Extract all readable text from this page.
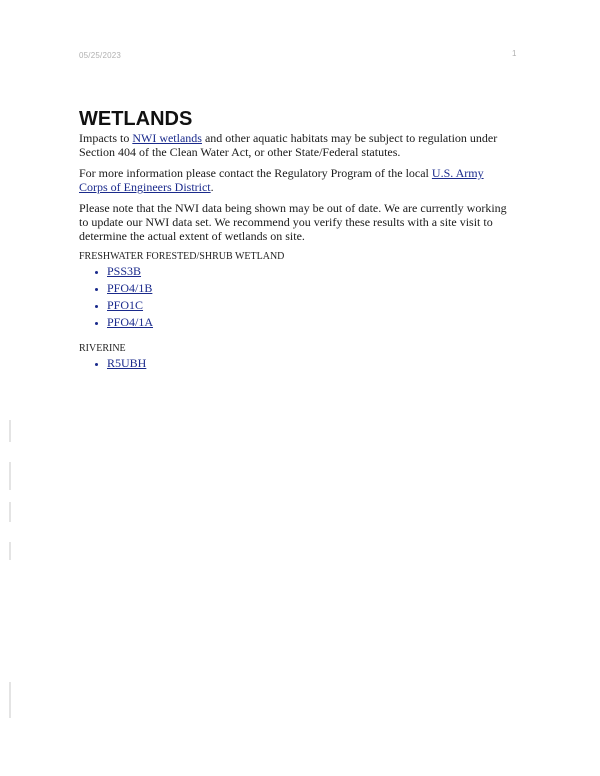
05/25/2023	1
WETLANDS

Impacts to NWI wetlands and other aquatic habitats may be subject to regulation under Section 404 of the Clean Water Act, or other State/Federal statutes.

For more information please contact the Regulatory Program of the local U.S. Army Corps of Engineers District.

Please note that the NWI data being shown may be out of date. We are currently working to update our NWI data set. We recommend you verify these results with a site visit to determine the actual extent of wetlands on site.

FRESHWATER FORESTED/SHRUB WETLAND
• PSS3B
• PFO4/1B
• PFO1C
• PFO4/1A
RIVERINE
• R5UBH
